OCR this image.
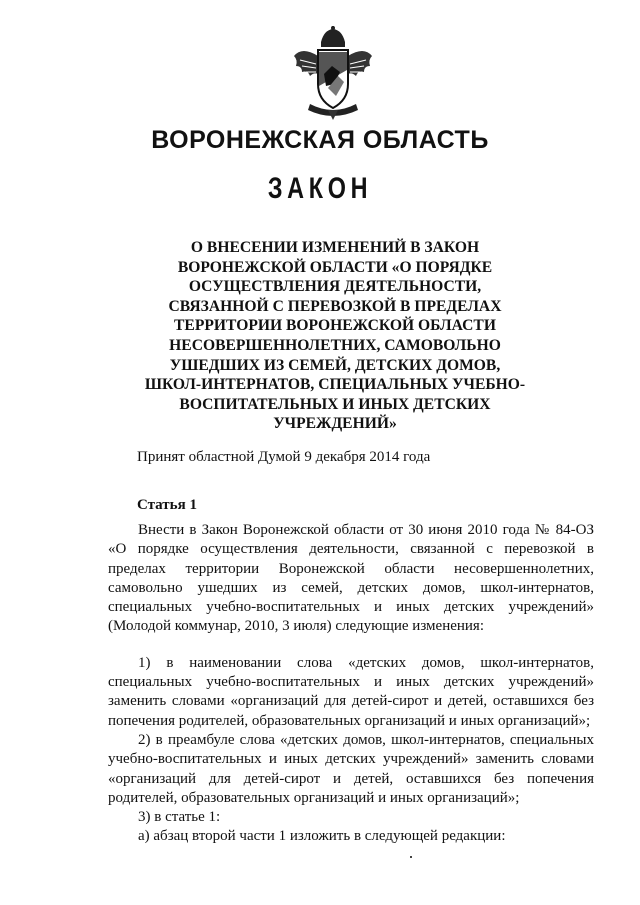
ВОРОНЕЖСКАЯ ОБЛАСТЬ
ЗАКОН
О ВНЕСЕНИИ ИЗМЕНЕНИЙ В ЗАКОН ВОРОНЕЖСКОЙ ОБЛАСТИ «О ПОРЯДКЕ ОСУЩЕСТВЛЕНИЯ ДЕЯТЕЛЬНОСТИ, СВЯЗАННОЙ С ПЕРЕВОЗКОЙ В ПРЕДЕЛАХ ТЕРРИТОРИИ ВОРОНЕЖСКОЙ ОБЛАСТИ НЕСОВЕРШЕННОЛЕТНИХ, САМОВОЛЬНО УШЕДШИХ ИЗ СЕМЕЙ, ДЕТСКИХ ДОМОВ, ШКОЛ-ИНТЕРНАТОВ, СПЕЦИАЛЬНЫХ УЧЕБНО-ВОСПИТАТЕЛЬНЫХ И ИНЫХ ДЕТСКИХ УЧРЕЖДЕНИЙ»

Принят областной Думой 9 декабря 2014 года

Статья 1

Внести в Закон Воронежской области от 30 июня 2010 года № 84-ОЗ «О порядке осуществления деятельности, связанной с перевозкой в пределах территории Воронежской области несовершеннолетних, самовольно ушедших из семей, детских домов, школ-интернатов, специальных учебно-воспитательных и иных детских учреждений» (Молодой коммунар, 2010, 3 июля) следующие изменения:

1) в наименовании слова «детских домов, школ-интернатов, специальных учебно-воспитательных и иных детских учреждений» заменить словами «организаций для детей-сирот и детей, оставшихся без попечения родителей, образовательных организаций и иных организаций»;

2) в преамбуле слова «детских домов, школ-интернатов, специальных учебно-воспитательных и иных детских учреждений» заменить словами «организаций для детей-сирот и детей, оставшихся без попечения родителей, образовательных организаций и иных организаций»;

3) в статье 1:

а) абзац второй части 1 изложить в следующей редакции:
